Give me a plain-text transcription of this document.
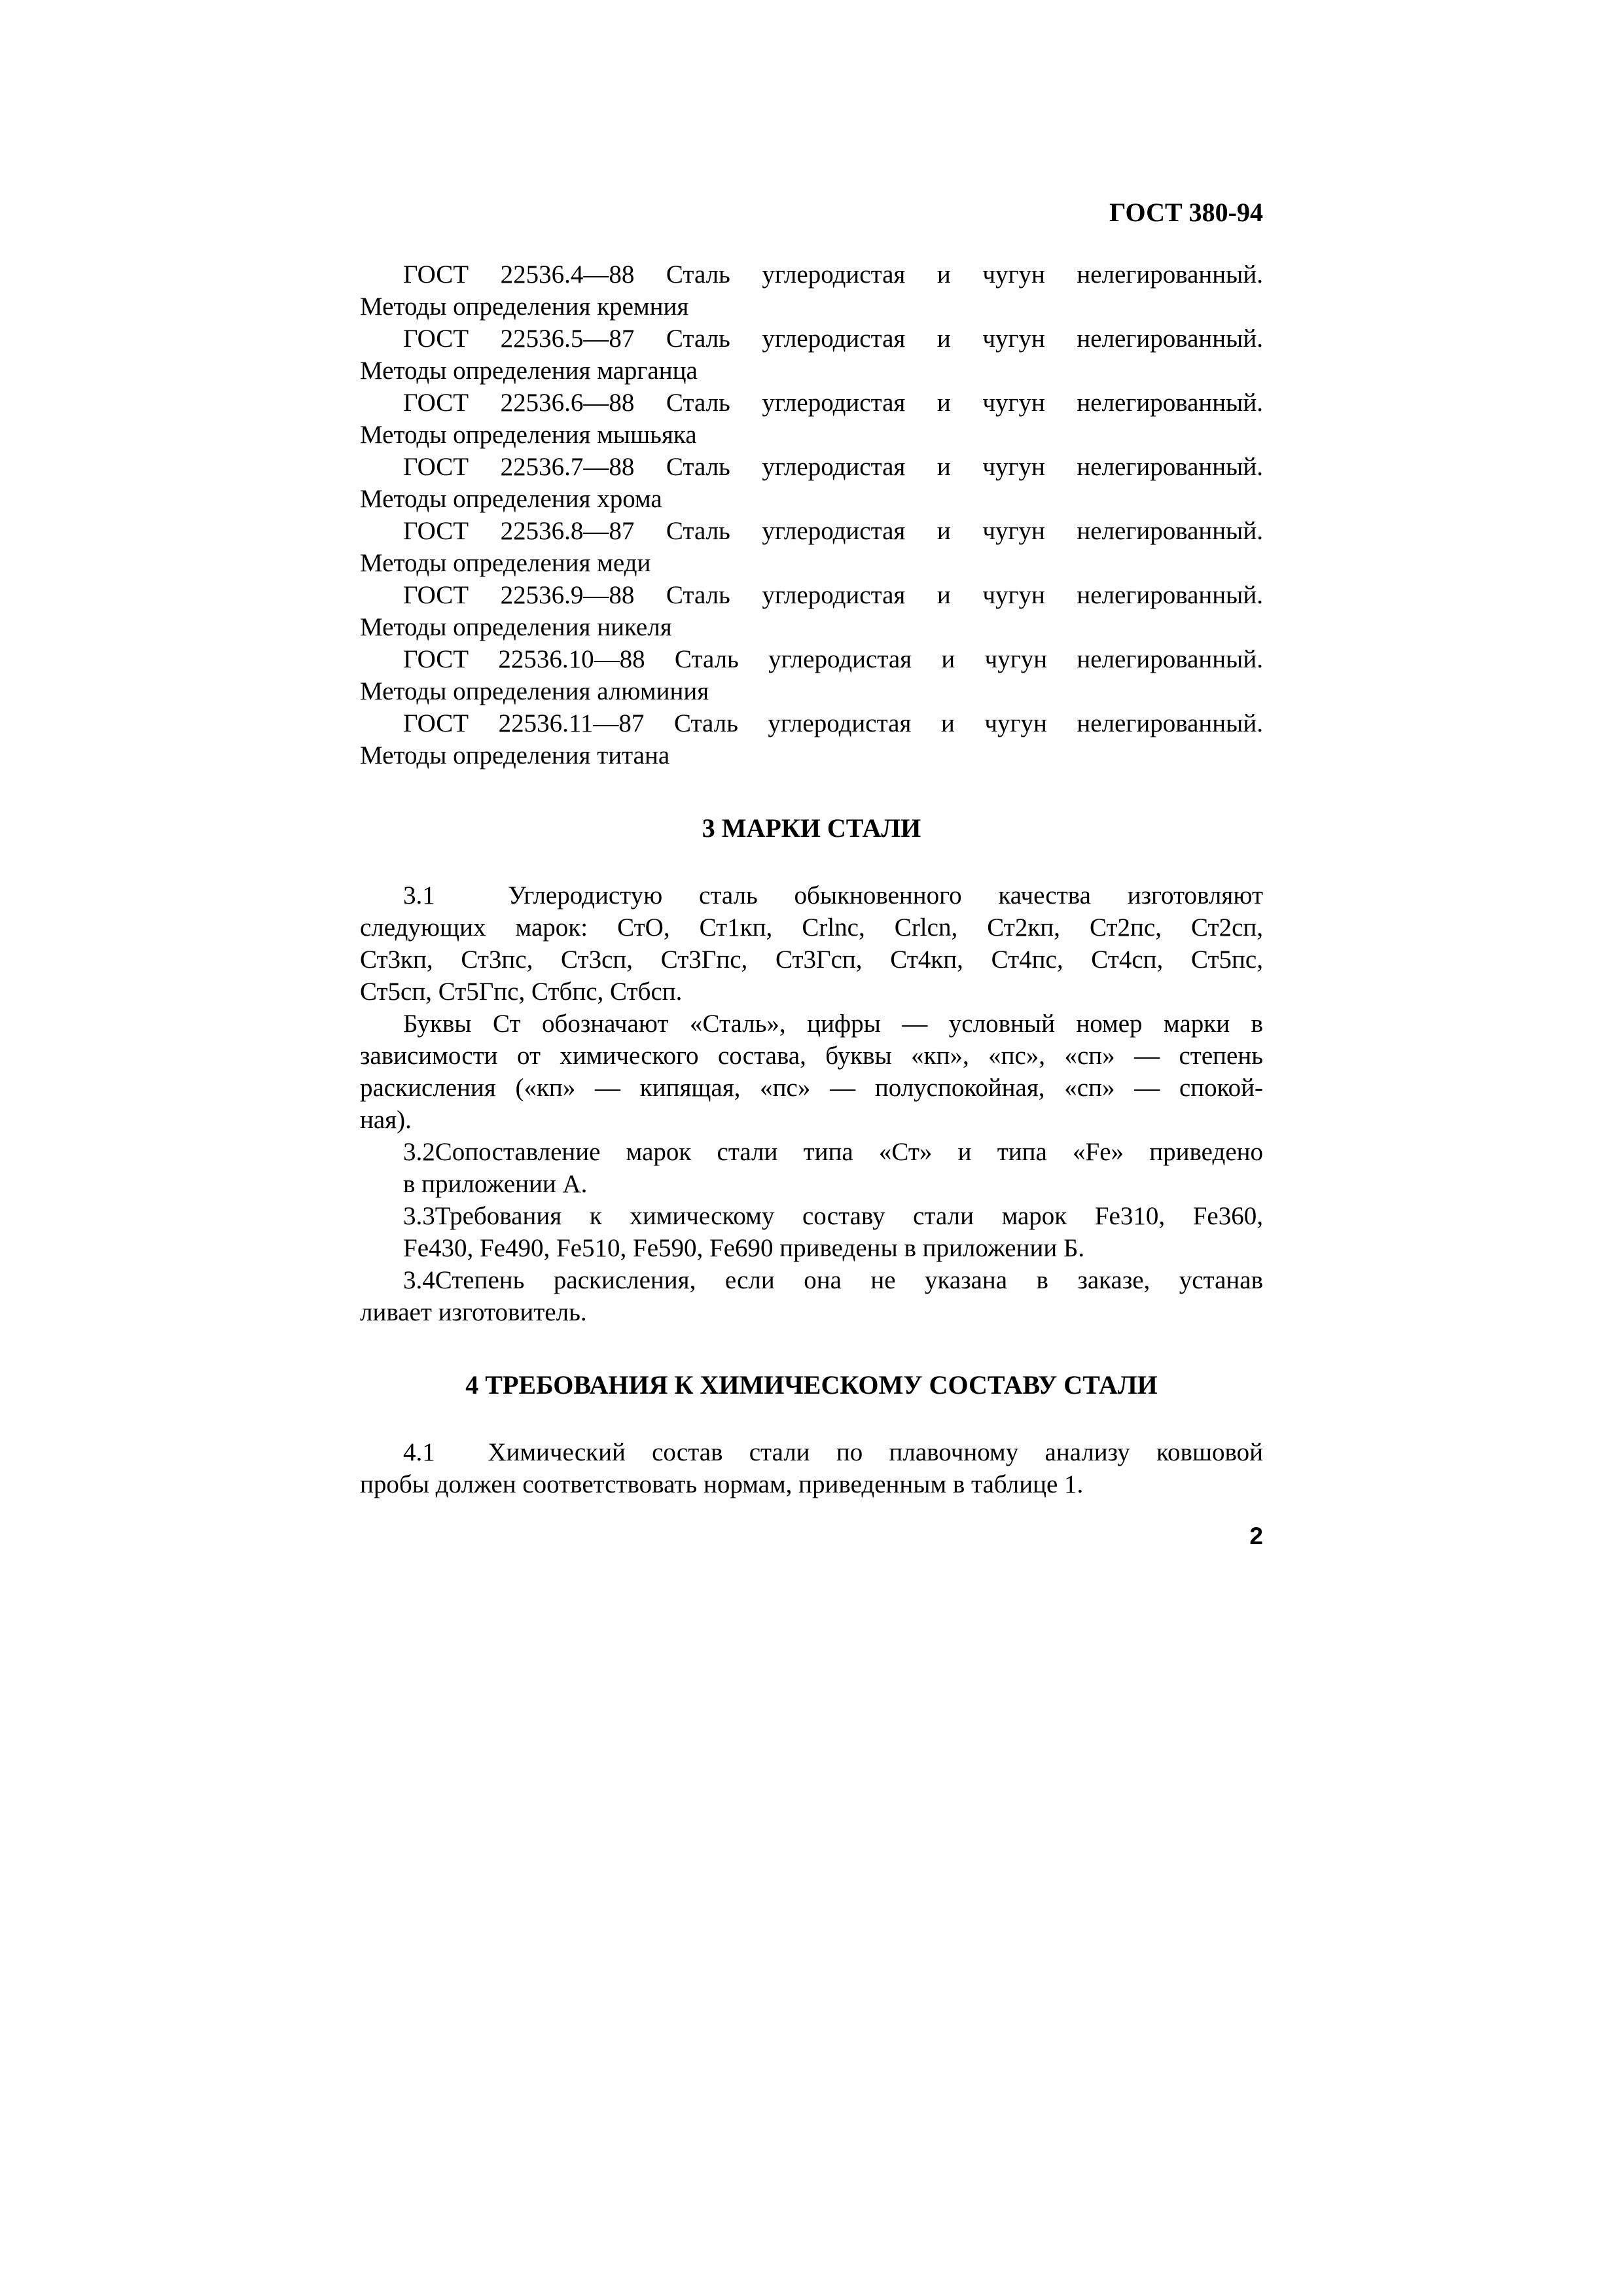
ГОСТ 380-94
ГОСТ 22536.4—88 Сталь углеродистая и чугун нелегированный.
Методы определения кремния
ГОСТ 22536.5—87 Сталь углеродистая и чугун нелегированный.
Методы определения марганца
ГОСТ 22536.6—88 Сталь углеродистая и чугун нелегированный.
Методы определения мышьяка
ГОСТ 22536.7—88 Сталь углеродистая и чугун нелегированный.
Методы определения хрома
ГОСТ 22536.8—87 Сталь углеродистая и чугун нелегированный.
Методы определения меди
ГОСТ 22536.9—88 Сталь углеродистая и чугун нелегированный.
Методы определения никеля
ГОСТ 22536.10—88 Сталь углеродистая и чугун нелегированный.
Методы определения алюминия
ГОСТ 22536.11—87 Сталь углеродистая и чугун нелегированный.
Методы определения титана
3 МАРКИ СТАЛИ
3.1  Углеродистую сталь обыкновенного качества изготовляют
следующих марок: СтО, Ст1кп, Crlnc, Crlcn, Ст2кп, Ст2пс, Ст2сп,
Ст3кп, Ст3пс, Ст3сп, Ст3Гпс, Ст3Гсп, Ст4кп, Ст4пс, Ст4сп, Ст5пс,
Ст5сп, Ст5Гпс, Стбпс, Стбсп.
Буквы Ст обозначают «Сталь», цифры — условный номер марки в
зависимости от химического состава, буквы «кп», «пс», «сп» — степень
раскисления («кп» — кипящая, «пс» — полуспокойная, «сп» — спокой-
ная).
3.2Сопоставление марок стали типа «Ст» и типа «Fe» приведено
в приложении А.
3.3Требования к химическому составу стали марок Fe310, Fe360,
Fe430, Fe490, Fe510, Fe590, Fe690 приведены в приложении Б.
3.4Степень раскисления, если она не указана в заказе, устанав
ливает изготовитель.
4 ТРЕБОВАНИЯ К ХИМИЧЕСКОМУ СОСТАВУ СТАЛИ
4.1  Химический состав стали по плавочному анализу ковшовой
пробы должен соответствовать нормам, приведенным в таблице 1.
2
